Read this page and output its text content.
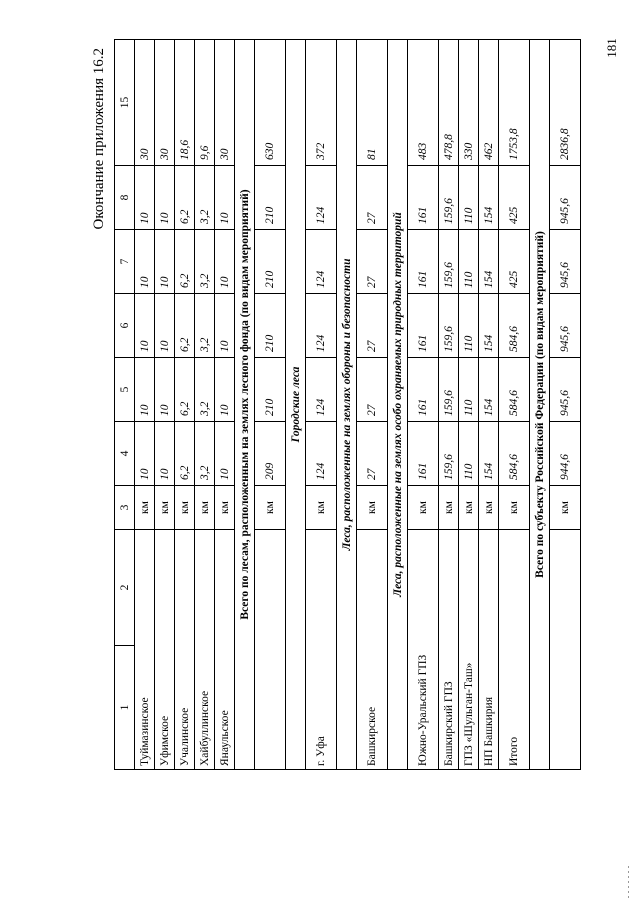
181
Окончание приложения 16.2
1	2	3	4	5	6	7	8	15
Туймазинское		км	10	10	10	10	10	30
Уфимское		км	10	10	10	10	10	30
Учалинское		км	6,2	6,2	6,2	6,2	6,2	18,6
Хайбуллинское		км	3,2	3,2	3,2	3,2	3,2	9,6
Янаульское		км	10	10	10	10	10	30
Всего по лесам, расположенным на землях лесного фонда (по видам мероприятий)								
		км	209	210	210	210	210	630
Городские леса								
г. Уфа		км	124	124	124	124	124	372
Леса, расположенные на землях обороны и безопасности								
Башкирское		км	27	27	27	27	27	81
Леса, расположенные на землях особо охраняемых природных территорий								
Южно-Уральский ГПЗ		км	161	161	161	161	161	483
Башкирский ГПЗ		км	159,6	159,6	159,6	159,6	159,6	478,8
ГПЗ «Шульган-Таш»		км	110	110	110	110	110	330
НП Башкирия		км	154	154	154	154	154	462
Итого		км	584,6	584,6	584,6	425	425	1753,8
Всего по субъекту Российской Федерации (по видам мероприятий)								
		км	944,6	945,6	945,6	945,6	945,6	2836,8
